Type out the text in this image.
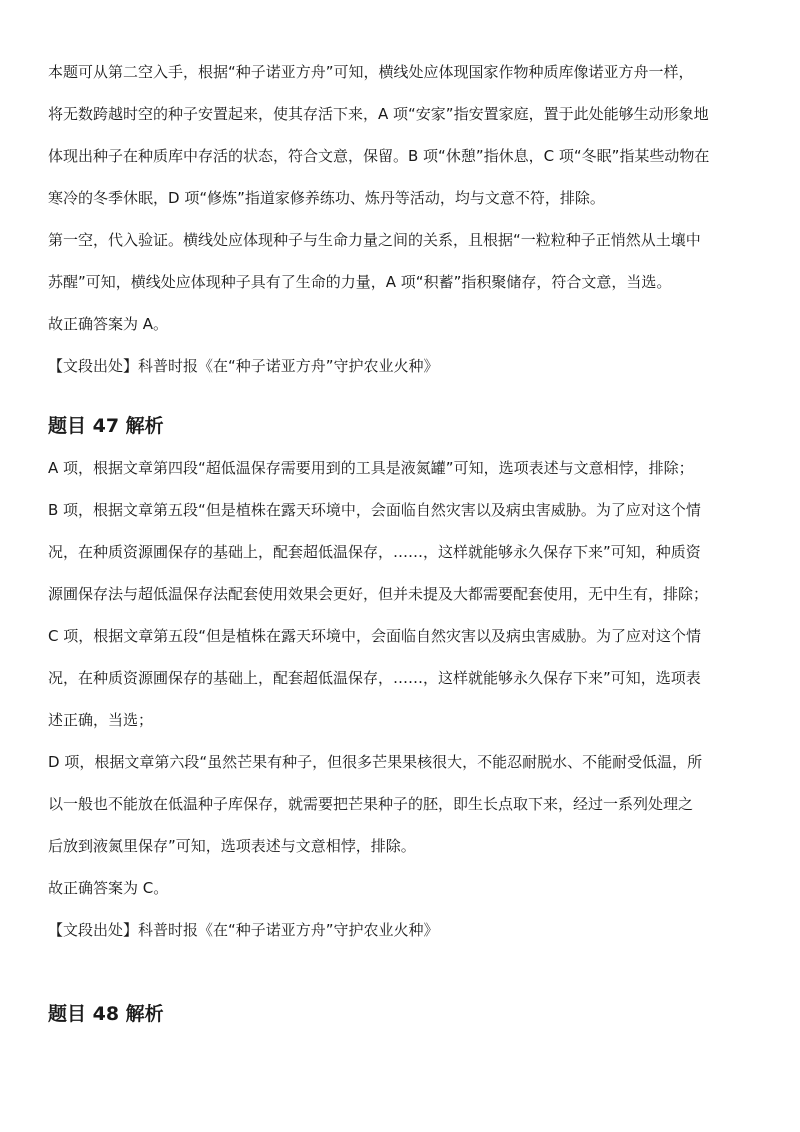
本题可从第二空入手，根据“种子诺亚方舟”可知，横线处应体现国家作物种质库像诺亚方舟一样，
将无数跨越时空的种子安置起来，使其存活下来，A 项“安家”指安置家庭，置于此处能够生动形象地
体现出种子在种质库中存活的状态，符合文意，保留。B 项“休憩”指休息，C 项“冬眠”指某些动物在
寒冷的冬季休眠，D 项“修炼”指道家修养练功、炼丹等活动，均与文意不符，排除。
第一空，代入验证。横线处应体现种子与生命力量之间的关系，且根据“一粒粒种子正悄然从土壤中
苏醒”可知，横线处应体现种子具有了生命的力量，A 项“积蓄”指积聚储存，符合文意，当选。
故正确答案为 A。
【文段出处】科普时报《在“种子诺亚方舟”守护农业火种》
题目 47 解析
A 项，根据文章第四段“超低温保存需要用到的工具是液氮罐”可知，选项表述与文意相悖，排除；
B 项，根据文章第五段“但是植株在露天环境中，会面临自然灾害以及病虫害威胁。为了应对这个情
况，在种质资源圃保存的基础上，配套超低温保存，……，这样就能够永久保存下来”可知，种质资
源圃保存法与超低温保存法配套使用效果会更好，但并未提及大都需要配套使用，无中生有，排除；
C 项，根据文章第五段“但是植株在露天环境中，会面临自然灾害以及病虫害威胁。为了应对这个情
况，在种质资源圃保存的基础上，配套超低温保存，……，这样就能够永久保存下来”可知，选项表
述正确，当选；
D 项，根据文章第六段“虽然芒果有种子，但很多芒果果核很大，不能忍耐脱水、不能耐受低温，所
以一般也不能放在低温种子库保存，就需要把芒果种子的胚，即生长点取下来，经过一系列处理之
后放到液氮里保存”可知，选项表述与文意相悖，排除。
故正确答案为 C。
【文段出处】科普时报《在“种子诺亚方舟”守护农业火种》
题目 48 解析
